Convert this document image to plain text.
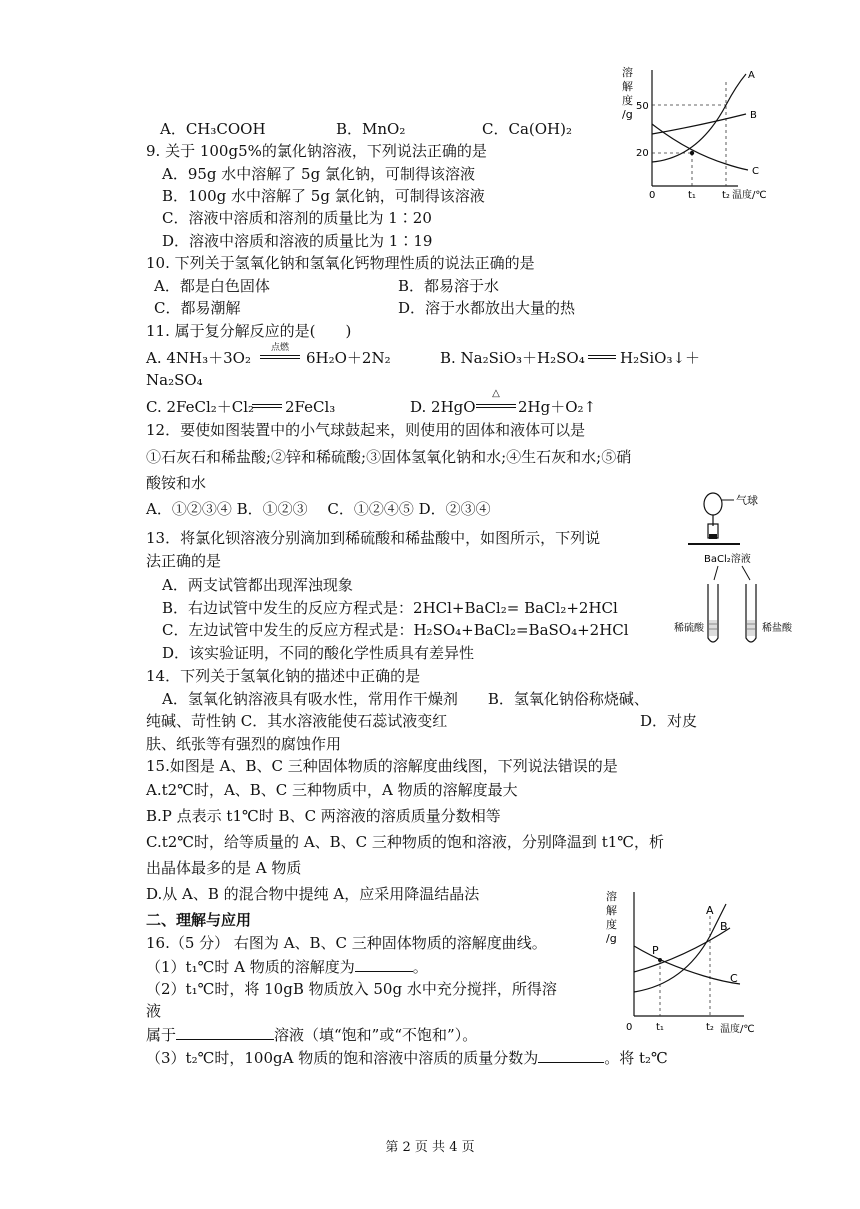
溶
解
度
/g
50
20
A
B
C
0	t₁	t₂ 温度/℃
A．CH₃COOH	B．MnO₂	C．Ca(OH)₂
9. 关于 100g5%的氯化钠溶液，下列说法正确的是
A．95g 水中溶解了 5g 氯化钠，可制得该溶液
B．100g 水中溶解了 5g 氯化钠，可制得该溶液
C．溶液中溶质和溶剂的质量比为 1∶20
D．溶液中溶质和溶液的质量比为 1∶19
10. 下列关于氢氧化钠和氢氧化钙物理性质的说法正确的是
A．都是白色固体	B．都易溶于水
C．都易潮解	D．溶于水都放出大量的热
11. 属于复分解反应的是(　　)
A. 4NH₃＋3O₂
点燃
6H₂O＋2N₂	B. Na₂SiO₃＋H₂SO₄ H₂SiO₃↓＋
Na₂SO₄
C. 2FeCl₂＋Cl₂ 2FeCl₃	D. 2HgO
△
2Hg＋O₂↑
12．要使如图装置中的小气球鼓起来，则使用的固体和液体可以是
①石灰石和稀盐酸;②锌和稀硫酸;③固体氢氧化钠和水;④生石灰和水;⑤硝
酸铵和水
A．①②③④ B．①②③　 C．①②④⑤ D．②③④	气球
BaCl₂溶液
稀硫酸	稀盐酸
13．将氯化钡溶液分别滴加到稀硫酸和稀盐酸中，如图所示，下列说
法正确的是
A．两支试管都出现浑浊现象
B．右边试管中发生的反应方程式是：2HCl+BaCl₂= BaCl₂+2HCl
C．左边试管中发生的反应方程式是：H₂SO₄+BaCl₂=BaSO₄+2HCl
D．该实验证明，不同的酸化学性质具有差异性
14．下列关于氢氧化钠的描述中正确的是
A．氢氧化钠溶液具有吸水性，常用作干燥剂　　B．氢氧化钠俗称烧碱、
纯碱、苛性钠 C．其水溶液能使石蕊试液变红	D．对皮
肤、纸张等有强烈的腐蚀作用
15.如图是 A、B、C 三种固体物质的溶解度曲线图，下列说法错误的是
A.t2℃时，A、B、C 三种物质中，A 物质的溶解度最大
B.P 点表示 t1℃时 B、C 两溶液的溶质质量分数相等
C.t2℃时，给等质量的 A、B、C 三种物质的饱和溶液，分别降温到 t1℃，析
出晶体最多的是 A 物质
D.从 A、B 的混合物中提纯 A，应采用降温结晶法
二、理解与应用
溶
解
度
/g
P
A
B
C
0 t₁	t₂ 温度/℃
16.（5 分） 右图为 A、B、C 三种固体物质的溶解度曲线。
（1）t₁℃时 A 物质的溶解度为	。
（2）t₁℃时，将 10gB 物质放入 50g 水中充分搅拌，所得溶
液
属于	溶液（填“饱和”或“不饱和”）。
（3）t₂℃时，100gA 物质的饱和溶液中溶质的质量分数为	。将 t₂℃
第 2 页 共 4 页
